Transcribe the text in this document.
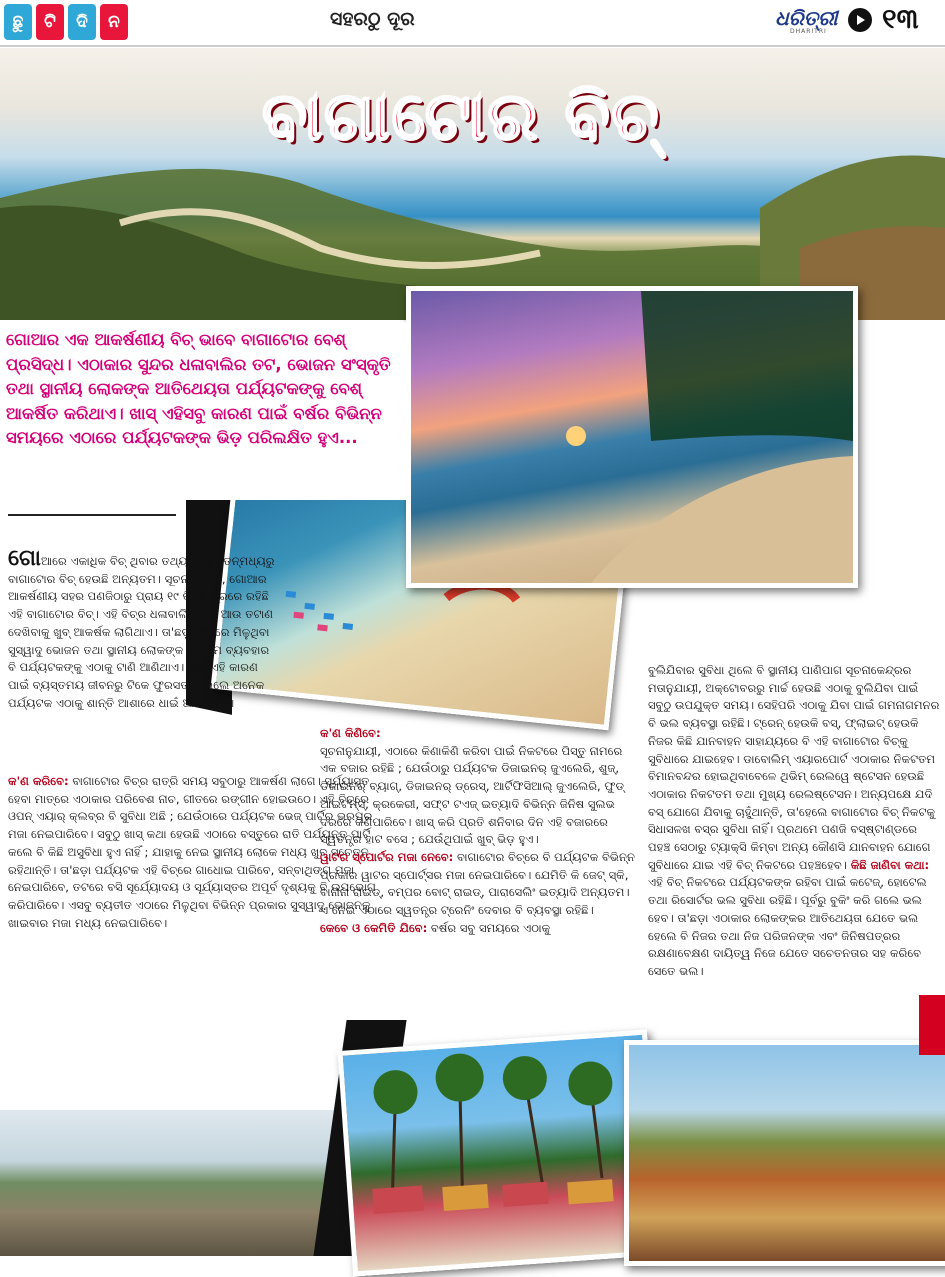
ଛୁ	ଟି	ଦି	ନ	ସହରଠୁ ଦୂର	ଧରିତ୍ରୀ
DHARITRI ୧୩
ବାଗାଟୋର ବିଚ୍
ଗୋଆର ଏକ ଆକର୍ଷଣୀୟ ବିଚ୍ ଭାବେ ବାଗାଟୋର ବେଶ୍ ପ୍ରସିଦ୍ଧ। ଏଠାକାର ସୁନ୍ଦର ଧଳାବାଲିର ତଟ, ଭୋଜନ ସଂସ୍କୃତି ତଥା ସ୍ଥାନୀୟ ଲୋକଙ୍କ ଆତିଥେୟତା ପର୍ଯ୍ୟଟକଙ୍କୁ ବେଶ୍ ଆକର୍ଷିତ କରିଥାଏ। ଖାସ୍ ଏହିସବୁ କାରଣ ପାଇଁ ବର୍ଷର ବିଭିନ୍ନ ସମୟରେ ଏଠାରେ ପର୍ଯ୍ୟଟକଙ୍କ ଭିଡ଼ ପରିଲକ୍ଷିତ ହୁଏ...
ଗୋଆରେ ଏକାଧିକ ବିଚ୍ ଥିବାର ତଥ୍ୟ ରହିଛି। ତନ୍ମଧ୍ୟରୁ ବାଗାଟୋର ବିଚ୍ ହେଉଛି ଅନ୍ୟତମ। ସୂଚନାନୁଯାୟୀ, ଗୋଆର ଆକର୍ଷଣୀୟ ସହର ପଣଜିଠାରୁ ପ୍ରାୟ ୧୯ କି.ମି. ଦୂରରେ ରହିଛି ଏହି ବାଗାଟୋର ବିଚ୍। ଏହି ବିଚ୍‌ର ଧଳାବାଲିର ତଟ ଆଉ ତଟାଣ ଦେଖିବାକୁ ଖୁବ୍ ଆକର୍ଷକ ଲାଗିଥାଏ। ତା'ଛଡ଼ା ଏଠାରେ ମିଳୁଥିବା ସୁସ୍ୱାଦୁ ଭୋଜନ ତଥା ସ୍ଥାନୀୟ ଲୋକଙ୍କ ଉତ୍ତମ ବ୍ୟବହାର ବି ପର୍ଯ୍ୟଟକଙ୍କୁ ଏଠାକୁ ଟାଣି ଆଣିଥାଏ। ଖାସ୍ ଏହି କାରଣ ପାଇଁ ବ୍ୟସ୍ତମୟ ଜୀବନରୁ ଟିକେ ଫୁରସତ ପାଇଲେ ଅନେକ ପର୍ଯ୍ୟଟକ ଏଠାକୁ ଶାନ୍ତି ଆଶାରେ ଧାଇଁ ଆସିଥାନ୍ତି।
କ'ଣ କରିବେ: ବାଗାଟୋର ବିଚ୍‌ର ରାତ୍ରି ସମୟ ସବୁଠାରୁ ଆକର୍ଷଣ ଲାଗେ। ସୂର୍ଯ୍ୟାସ୍ତ ହେବା ମାତ୍ରେ ଏଠାକାର ପରିବେଶ ନାଚ, ଗୀତରେ ରଙ୍ଗୀନ ହୋଇଉଠେ। ଏହି ବିଚ୍‌ରେ ଓପନ୍ ଏୟାର୍ କ୍ଲବ୍‌ର ବି ସୁବିଧା ଅଛି ; ଯେଉଁଠାରେ ପର୍ଯ୍ୟଟକ ଭେଜ୍ ପାର୍ଟିର ଭରପୂର ମଜା ନେଇପାରିବେ। ସବୁଠୁ ଖାସ୍ କଥା ହେଉଛି ଏଠାରେ ବସ୍ତୁରେ ରାତି ପର୍ଯ୍ୟନ୍ତ ପାର୍ଟି କଲେ ବି କିଛି ଅସୁବିଧା ହୁଏ ନାହିଁ ; ଯାହାକୁ ନେଇ ସ୍ଥାନୀୟ ଲୋକେ ମଧ୍ୟ ଖୁବ୍ ସଚେତନ ରହିଥାନ୍ତି। ତା'ଛଡ଼ା ପର୍ଯ୍ୟଟକ ଏହି ବିଚ୍‌ରେ ଗାଧୋଇ ପାରିବେ, ସନ୍‌ବାଥିଙ୍ଗ ମଜା ନେଇପାରିବେ, ତଟରେ ବସି ସୂର୍ଯ୍ୟୋଦୟ ଓ ସୂର୍ଯ୍ୟାସ୍ତର ଅପୂର୍ବ ଦୃଶ୍ୟକୁ ବି ଉପଭୋଗ କରିପାରିବେ। ଏସବୁ ବ୍ୟତୀତ ଏଠାରେ ମିଳୁଥିବା ବିଭିନ୍ନ ପ୍ରକାର ସୁସ୍ୱାଦୁ ଭୋଜନକୁ ଖାଇବାର ମଜା ମଧ୍ୟ ନେଇପାରିବେ।
କ'ଣ କିଣିବେ:
ସୂଚନାନୁଯାୟୀ, ଏଠାରେ କିଣାକିଣି କରିବା ପାଇଁ ନିକଟରେ ପିସ୍ତୁ ନାମରେ ଏକ ବଜାର ରହିଛି ; ଯେଉଁଠାରୁ ପର୍ଯ୍ୟଟକ ଡିଜାଇନର୍ ଜୁଏଲେରି, ଶୁଜ୍, ଡିଜାଇନର୍ ବ୍ୟାଗ୍, ଡିଜାଇନର୍ ଡ୍ରେସ୍, ଆର୍ଟିଫିସିଆଲ୍ ଜୁଏଲେରି, ଫୁଡ୍ ଆଇଟମ୍ସ୍, କ୍ରକେରୀ, ସଫ୍ଟ ଟଏଜ୍ ଇତ୍ୟାଦି ବିଭିନ୍ନ ଜିନିଷ ସୁଲଭ ଦରରେ କିଣିପାରିବେ। ଖାସ୍ କରି ପ୍ରତି ଶନିବାର ଦିନ ଏହି ବଜାରରେ ସ୍ୱତନ୍ତ୍ର ହାଟ ବସେ ; ଯେଉଁଥିପାଇଁ ଖୁବ୍ ଭିଡ଼ ହୁଏ।
ୱାଟର ସ୍ପୋର୍ଟର ମଜା ନେବେ: ବାଗାଟୋର ବିଚ୍‌ରେ ବି ପର୍ଯ୍ୟଟକ ବିଭିନ୍ନ ପ୍ରକାର ୱାଟର ସ୍ପୋର୍ଟ୍ସର ମଜା ନେଇପାରିବେ। ଯେମିତି କି ଜେଟ୍ ସ୍କି, ବାନାନା ରାଇଡ୍, ବମ୍ପର ବୋଟ୍ ରାଇଡ୍, ପାରାସେଲିଂ ଇତ୍ୟାଦି ଅନ୍ୟତମ। ଏ ନେଇ ଏଠାରେ ସ୍ୱତନ୍ତ୍ର ଟ୍ରେନିଂ ଦେବାର ବି ବ୍ୟବସ୍ଥା ରହିଛି।
କେବେ ଓ କେମିତି ଯିବେ: ବର୍ଷର ସବୁ ସମୟରେ ଏଠାକୁ
ବୁଲିଯିବାର ସୁବିଧା ଥିଲେ ବି ସ୍ଥାନୀୟ ପାଣିପାଗ ସୂଚନାକେନ୍ଦ୍ରର ମତାନୁଯାୟୀ, ଅକ୍ଟୋବରରୁ ମାର୍ଚ୍ଚ ହେଉଛି ଏଠାକୁ ବୁଲିଯିବା ପାଇଁ ସବୁଠୁ ଉପଯୁକ୍ତ ସମୟ। ସେହିପରି ଏଠାକୁ ଯିବା ପାଇଁ ଗମନାଗମନର ବି ଭଲ ବ୍ୟବସ୍ଥା ରହିଛି। ଟ୍ରେନ୍ ହେଉକି ବସ୍, ଫ୍ଲାଇଟ୍ ହେଉକି ନିଜର କିଛି ଯାନବାହନ ସାହାଯ୍ୟରେ ବି ଏହି ବାଗାଟୋର ବିଚ୍‌କୁ ସୁବିଧାରେ ଯାଇହେବ। ଡାବୋଲିମ୍ ଏୟାରପୋର୍ଟ ଏଠାକାର ନିକଟତମ ବିମାନବନ୍ଦର ହୋଇଥିବାବେଳେ ଥିଭିମ୍ ରେଲୱେ ଷ୍ଟେସନ ହେଉଛି ଏଠାକାର ନିକଟତମ ତଥା ମୁଖ୍ୟ ରେଲଷ୍ଟେସନ। ଅନ୍ୟପକ୍ଷେ ଯଦି ବସ୍ ଯୋଗେ ଯିବାକୁ ଚାହୁଁଥାନ୍ତି, ତା'ହେଲେ ବାଗାଟୋର ବିଚ୍ ନିକଟକୁ ସିଧାସଳଖ ବସ୍‌ର ସୁବିଧା ନାହିଁ। ପ୍ରଥମେ ପଣଜି ବସ୍‌ଷ୍ଟାଣ୍ଡରେ ପହଞ୍ଚ ସେଠାରୁ ଟ୍ୟାକ୍ସି କିମ୍ବା ଅନ୍ୟ କୌଣସି ଯାନବାହନ ଯୋଗେ ସୁବିଧାରେ ଯାଇ ଏହି ବିଚ୍ ନିକଟରେ ପହଞ୍ଚହେବ। କିଛି ଜାଣିବା କଥା: ଏହି ବିଚ୍ ନିକଟରେ ପର୍ଯ୍ୟଟକଙ୍କ ରହିବା ପାଇଁ କଟେଜ୍, ହୋଟେଲ ତଥା ରିସୋର୍ଟର ଭଲ ସୁବିଧା ରହିଛି। ପୂର୍ବରୁ ବୁକିଂ କରି ଗଲେ ଭଲ ହେବ। ତା'ଛଡ଼ା ଏଠାକାର ଲୋକଙ୍କର ଆତିଥେୟତା ଯେତେ ଭଲ ହେଲେ ବି ନିଜର ତଥା ନିଜ ପରିଜନଙ୍କ ଏବଂ ଜିନିଷପତ୍ରର ରକ୍ଷଣାବେକ୍ଷଣ ଦାୟିତ୍ୱ ନିଜେ ଯେତେ ସଚେତନତାର ସହ କରିବେ ସେତେ ଭଲ।
